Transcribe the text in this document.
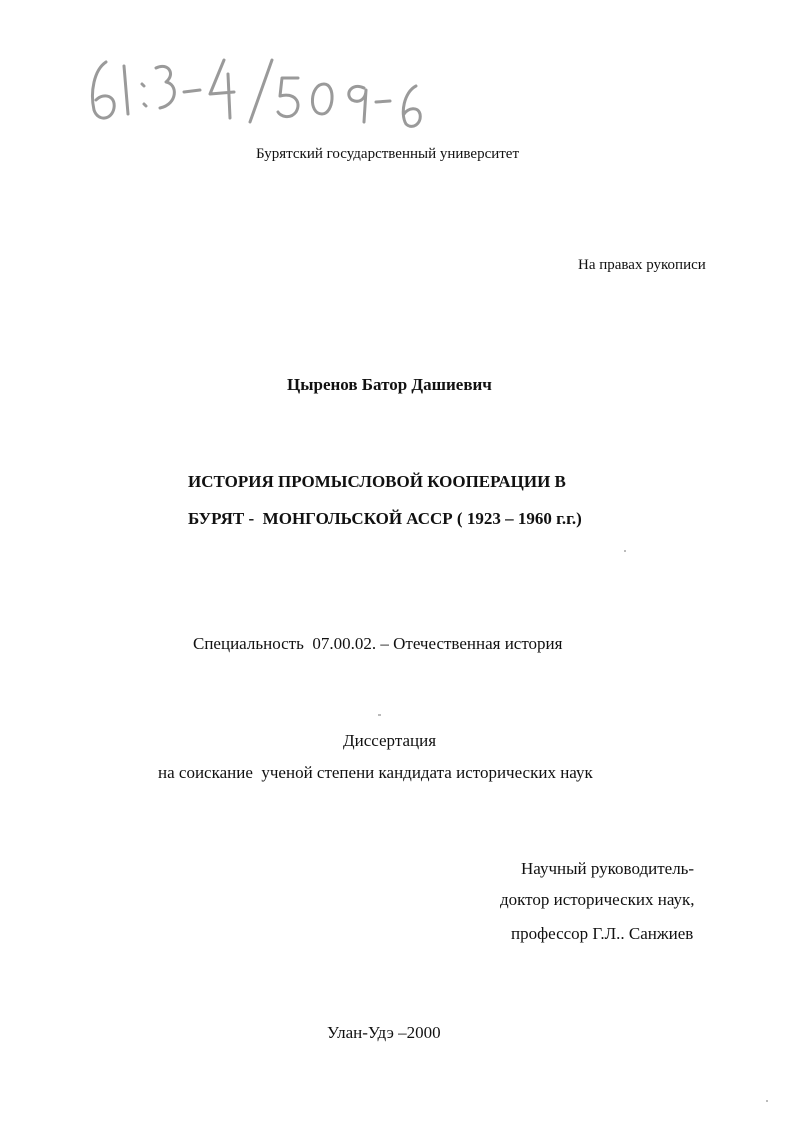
Бурятский государственный университет

На правах рукописи

Цыренов Батор Дашиевич

ИСТОРИЯ ПРОМЫСЛОВОЙ КООПЕРАЦИИ В

БУРЯТ -  МОНГОЛЬСКОЙ АССР ( 1923 – 1960 г.г.)

Специальность  07.00.02. – Отечественная история

Диссертация

на соискание  ученой степени кандидата исторических наук

Научный руководитель-

доктор исторических наук,

профессор Г.Л.. Санжиев

Улан-Удэ –2000
